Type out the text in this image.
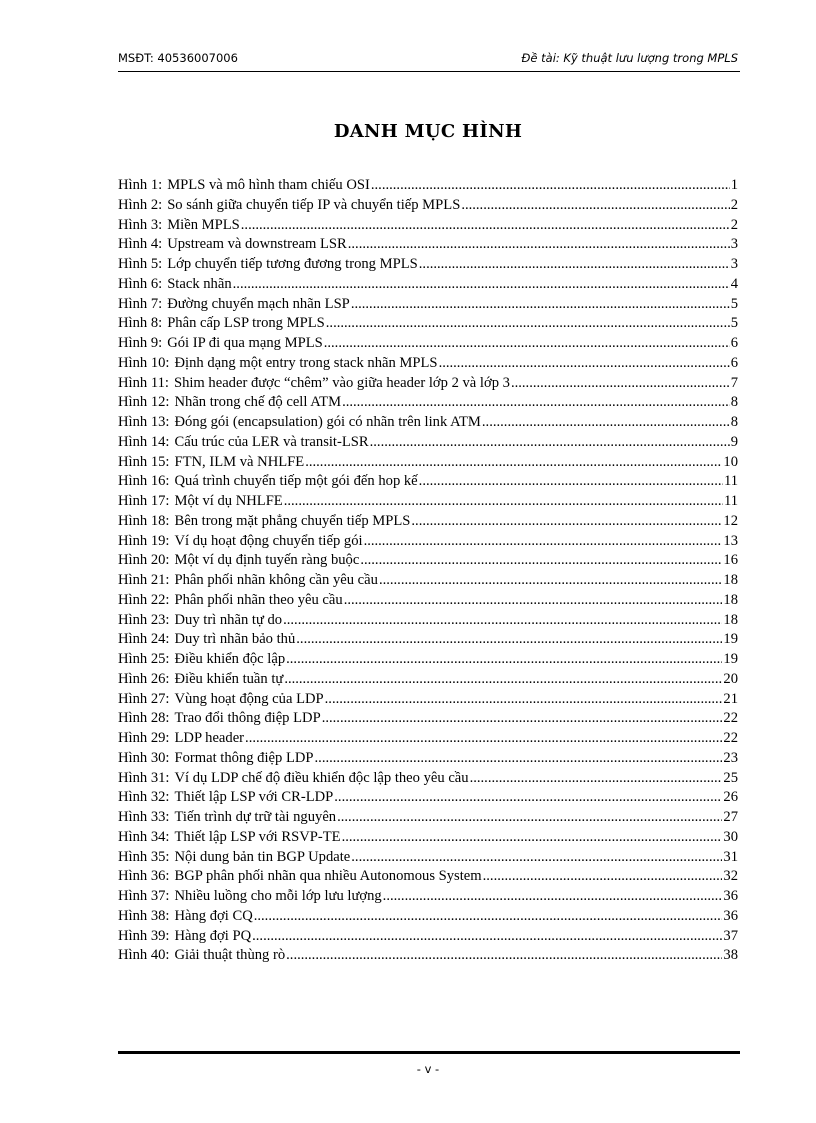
MSĐT: 40536007006	Đề tài: Kỹ thuật lưu lượng trong MPLS
DANH MỤC HÌNH
Hình 1: MPLS và mô hình tham chiếu OSI .....	1
Hình 2: So sánh giữa chuyển tiếp IP và chuyển tiếp MPLS .....	2
Hình 3: Miền MPLS .....	2
Hình 4: Upstream và downstream LSR .....	3
Hình 5: Lớp chuyển tiếp tương đương trong MPLS .....	3
Hình 6: Stack nhãn .....	4
Hình 7: Đường chuyển mạch nhãn LSP .....	5
Hình 8: Phân cấp LSP trong MPLS .....	5
Hình 9: Gói IP đi qua mạng MPLS .....	6
Hình 10: Định dạng một entry trong stack nhãn MPLS .....	6
Hình 11: Shim header được “chêm” vào giữa header lớp 2 và lớp 3 .....	7
Hình 12: Nhãn trong chế độ cell ATM .....	8
Hình 13: Đóng gói (encapsulation) gói có nhãn trên link ATM .....	8
Hình 14: Cấu trúc của LER và transit-LSR .....	9
Hình 15: FTN, ILM và NHLFE .....	10
Hình 16: Quá trình chuyển tiếp một gói đến hop kế .....	11
Hình 17: Một ví dụ NHLFE .....	11
Hình 18: Bên trong mặt phẳng chuyển tiếp MPLS .....	12
Hình 19: Ví dụ hoạt động chuyển tiếp gói .....	13
Hình 20: Một ví dụ định tuyến ràng buộc .....	16
Hình 21: Phân phối nhãn không cần yêu cầu .....	18
Hình 22: Phân phối nhãn theo yêu cầu .....	18
Hình 23: Duy trì nhãn tự do .....	18
Hình 24: Duy trì nhãn bảo thủ .....	19
Hình 25: Điều khiển độc lập .....	19
Hình 26: Điều khiển tuần tự .....	20
Hình 27: Vùng hoạt động của LDP .....	21
Hình 28: Trao đổi thông điệp LDP .....	22
Hình 29: LDP header .....	22
Hình 30: Format thông điệp LDP .....	23
Hình 31: Ví dụ LDP chế độ điều khiển độc lập theo yêu cầu .....	25
Hình 32: Thiết lập LSP với CR-LDP .....	26
Hình 33: Tiến trình dự trữ tài nguyên .....	27
Hình 34: Thiết lập LSP với RSVP-TE .....	30
Hình 35: Nội dung bản tin BGP Update .....	31
Hình 36: BGP phân phối nhãn qua nhiều Autonomous System .....	32
Hình 37: Nhiều luồng cho mỗi lớp lưu lượng .....	36
Hình 38: Hàng đợi CQ .....	36
Hình 39: Hàng đợi PQ .....	37
Hình 40: Giải thuật thùng rò .....	38
- v -
